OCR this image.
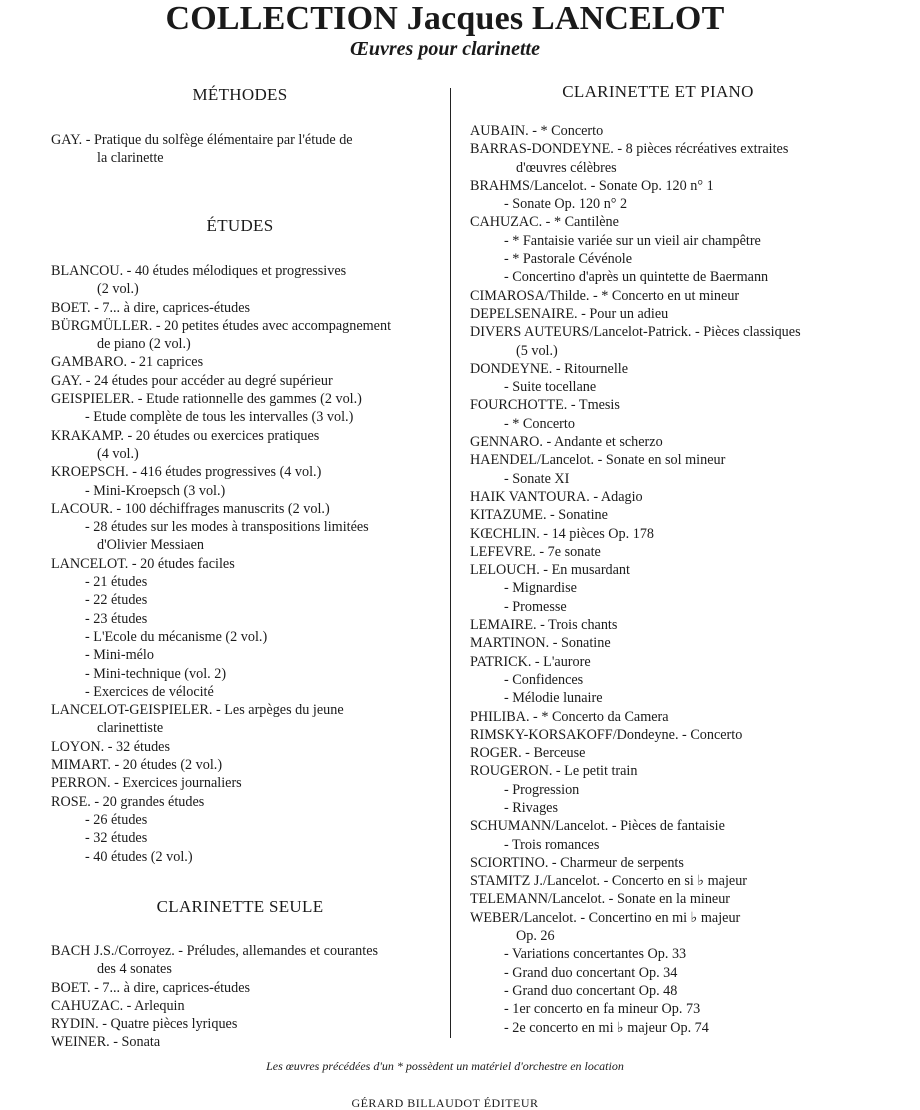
COLLECTION Jacques LANCELOT
Œuvres pour clarinette
MÉTHODES
GAY. - Pratique du solfège élémentaire par l'étude de
la clarinette
ÉTUDES
BLANCOU. - 40 études mélodiques et progressives
(2 vol.)
BOET. - 7... à dire, caprices-études
BÜRGMÜLLER. - 20 petites études avec accompagnement
de piano (2 vol.)
GAMBARO. - 21 caprices
GAY. - 24 études pour accéder au degré supérieur
GEISPIELER. - Etude rationnelle des gammes (2 vol.)
- Etude complète de tous les intervalles (3 vol.)
KRAKAMP. - 20 études ou exercices pratiques
(4 vol.)
KROEPSCH. - 416 études progressives (4 vol.)
- Mini-Kroepsch (3 vol.)
LACOUR. - 100 déchiffrages manuscrits (2 vol.)
- 28 études sur les modes à transpositions limitées
d'Olivier Messiaen
LANCELOT. - 20 études faciles
- 21 études
- 22 études
- 23 études
- L'Ecole du mécanisme (2 vol.)
- Mini-mélo
- Mini-technique (vol. 2)
- Exercices de vélocité
LANCELOT-GEISPIELER. - Les arpèges du jeune
clarinettiste
LOYON. - 32 études
MIMART. - 20 études (2 vol.)
PERRON. - Exercices journaliers
ROSE. - 20 grandes études
- 26 études
- 32 études
- 40 études (2 vol.)
CLARINETTE SEULE
BACH J.S./Corroyez. - Préludes, allemandes et courantes
des 4 sonates
BOET. - 7... à dire, caprices-études
CAHUZAC. - Arlequin
RYDIN. - Quatre pièces lyriques
WEINER. - Sonata
CLARINETTE ET PIANO
AUBAIN. - * Concerto
BARRAS-DONDEYNE. - 8 pièces récréatives extraites
d'œuvres célèbres
BRAHMS/Lancelot. - Sonate Op. 120 n° 1
- Sonate Op. 120 n° 2
CAHUZAC. - * Cantilène
- * Fantaisie variée sur un vieil air champêtre
- * Pastorale Cévénole
- Concertino d'après un quintette de Baermann
CIMAROSA/Thilde. - * Concerto en ut mineur
DEPELSENAIRE. - Pour un adieu
DIVERS AUTEURS/Lancelot-Patrick. - Pièces classiques
(5 vol.)
DONDEYNE. - Ritournelle
- Suite tocellane
FOURCHOTTE. - Tmesis
- * Concerto
GENNARO. - Andante et scherzo
HAENDEL/Lancelot. - Sonate en sol mineur
- Sonate XI
HAIK VANTOURA. - Adagio
KITAZUME. - Sonatine
KŒCHLIN. - 14 pièces Op. 178
LEFEVRE. - 7e sonate
LELOUCH. - En musardant
- Mignardise
- Promesse
LEMAIRE. - Trois chants
MARTINON. - Sonatine
PATRICK. - L'aurore
- Confidences
- Mélodie lunaire
PHILIBA. - * Concerto da Camera
RIMSKY-KORSAKOFF/Dondeyne. - Concerto
ROGER. - Berceuse
ROUGERON. - Le petit train
- Progression
- Rivages
SCHUMANN/Lancelot. - Pièces de fantaisie
- Trois romances
SCIORTINO. - Charmeur de serpents
STAMITZ J./Lancelot. - Concerto en si ♭ majeur
TELEMANN/Lancelot. - Sonate en la mineur
WEBER/Lancelot. - Concertino en mi ♭ majeur
Op. 26
- Variations concertantes Op. 33
- Grand duo concertant Op. 34
- Grand duo concertant Op. 48
- 1er concerto en fa mineur Op. 73
- 2e concerto en mi ♭ majeur Op. 74
Les œuvres précédées d'un * possèdent un matériel d'orchestre en location
GÉRARD BILLAUDOT ÉDITEUR
